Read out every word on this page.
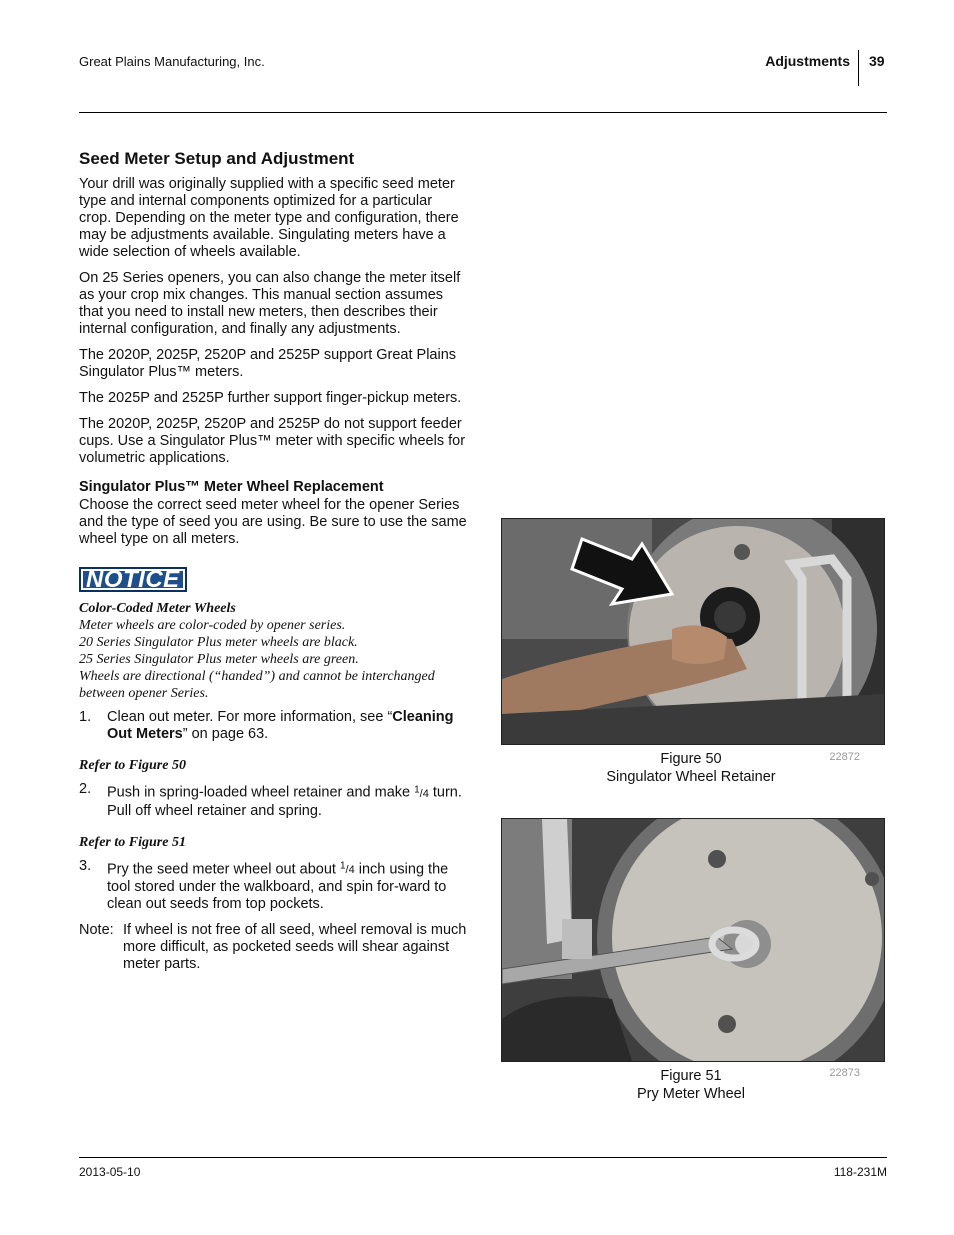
Great Plains Manufacturing, Inc.	Adjustments 39
Seed Meter Setup and Adjustment

Your drill was originally supplied with a specific seed meter type and internal components optimized for a particular crop. Depending on the meter type and configuration, there may be adjustments available. Singulating meters have a wide selection of wheels available.

On 25 Series openers, you can also change the meter itself as your crop mix changes. This manual section assumes that you need to install new meters, then describes their internal configuration, and finally any adjustments.

The 2020P, 2025P, 2520P and 2525P support Great Plains Singulator Plus™ meters.

The 2025P and 2525P further support finger-pickup meters.

The 2020P, 2025P, 2520P and 2525P do not support feeder cups. Use a Singulator Plus™ meter with specific wheels for volumetric applications.

Singulator Plus™ Meter Wheel Replacement

Choose the correct seed meter wheel for the opener Series and the type of seed you are using. Be sure to use the same wheel type on all meters.

NOTICE
Color-Coded Meter Wheels
Meter wheels are color-coded by opener series.
20 Series Singulator Plus meter wheels are black.
25 Series Singulator Plus meter wheels are green.
Wheels are directional (“handed”) and cannot be interchanged between opener Series.
1.	Clean out meter. For more information, see “Cleaning Out Meters” on page 63.
Refer to Figure 50
2.	Push in spring-loaded wheel retainer and make $^1$/4 turn. Pull off wheel retainer and spring.
Refer to Figure 51
3.	Pry the seed meter wheel out about $^1$/4 inch using the tool stored under the walkboard, and spin for-ward to clean out seeds from top pockets.
Note: If wheel is not free of all seed, wheel removal is much more difficult, as pocketed seeds will shear against meter parts.
Figure 50
Singulator Wheel Retainer
22872
Figure 51
Pry Meter Wheel
22873
2013-05-10	118-231M
